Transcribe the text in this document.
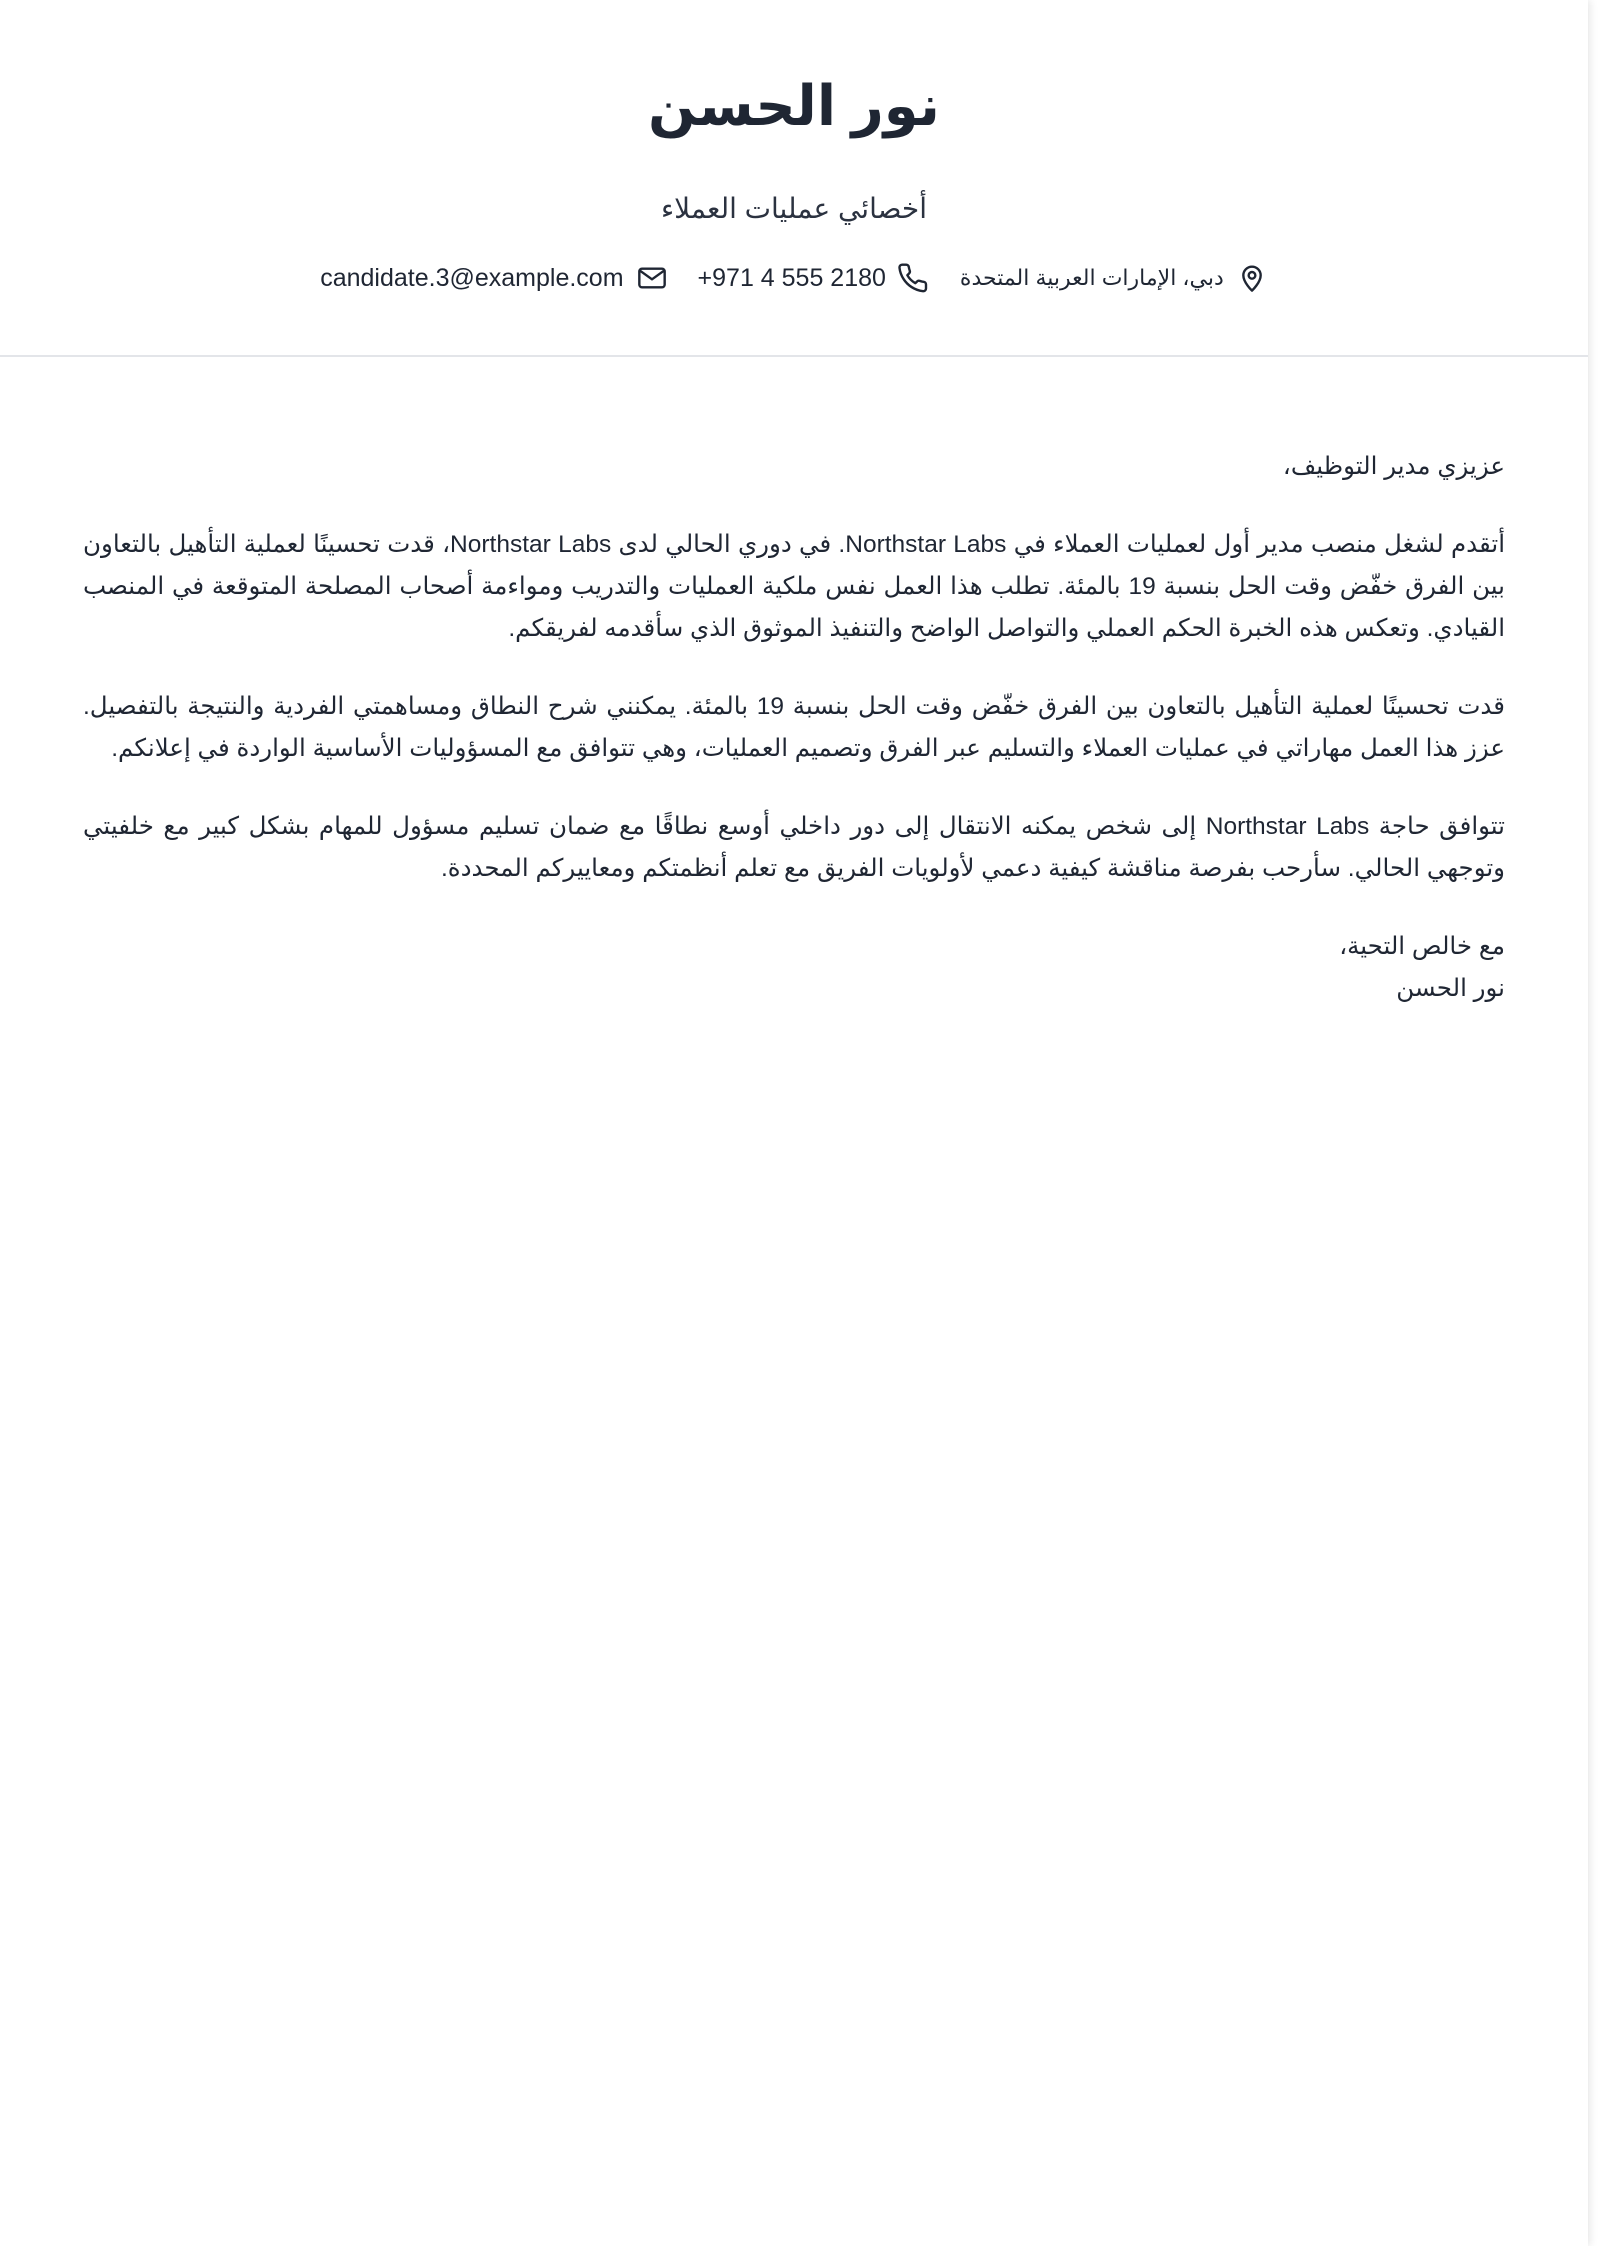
نور الحسن
أخصائي عمليات العملاء
دبي، الإمارات العربية المتحدة
+971 4 555 2180
candidate.3@example.com

عزيزي مدير التوظيف،

أتقدم لشغل منصب مدير أول لعمليات العملاء في Northstar Labs. في دوري الحالي لدى Northstar Labs، قدت تحسينًا لعملية التأهيل بالتعاون بين الفرق خفّض وقت الحل بنسبة 19 بالمئة. تطلب هذا العمل نفس ملكية العمليات والتدريب ومواءمة أصحاب المصلحة المتوقعة في المنصب القيادي. وتعكس هذه الخبرة الحكم العملي والتواصل الواضح والتنفيذ الموثوق الذي سأقدمه لفريقكم.

قدت تحسينًا لعملية التأهيل بالتعاون بين الفرق خفّض وقت الحل بنسبة 19 بالمئة. يمكنني شرح النطاق ومساهمتي الفردية والنتيجة بالتفصيل. عزز هذا العمل مهاراتي في عمليات العملاء والتسليم عبر الفرق وتصميم العمليات، وهي تتوافق مع المسؤوليات الأساسية الواردة في إعلانكم.

تتوافق حاجة Northstar Labs إلى شخص يمكنه الانتقال إلى دور داخلي أوسع نطاقًا مع ضمان تسليم مسؤول للمهام بشكل كبير مع خلفيتي وتوجهي الحالي. سأرحب بفرصة مناقشة كيفية دعمي لأولويات الفريق مع تعلم أنظمتكم ومعاييركم المحددة.

مع خالص التحية،

نور الحسن
